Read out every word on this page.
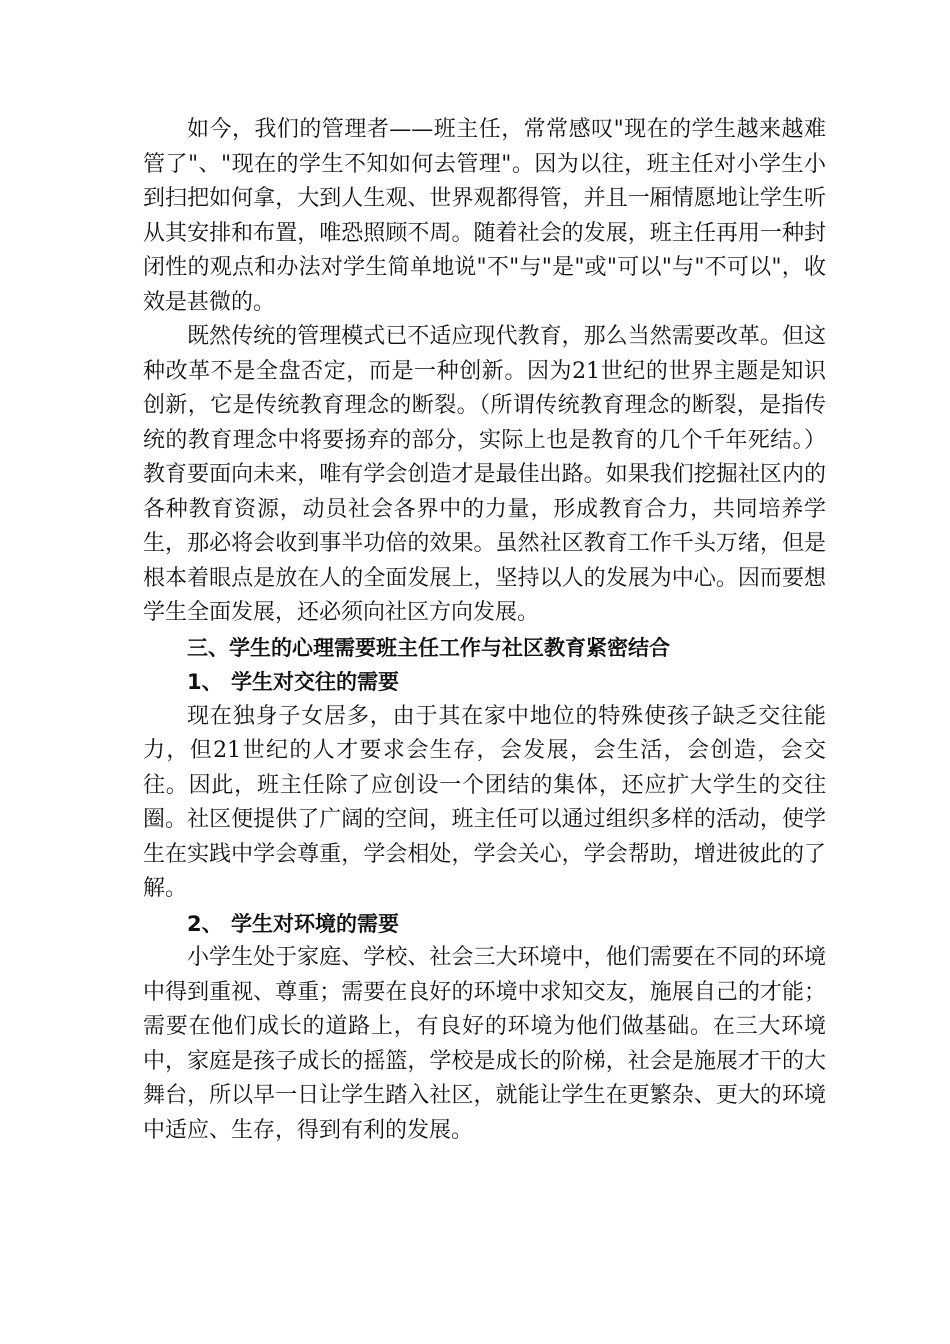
如今，我们的管理者——班主任，常常感叹"现在的学生越来越难管了"、"现在的学生不知如何去管理"。因为以往，班主任对小学生小到扫把如何拿，大到人生观、世界观都得管，并且一厢情愿地让学生听从其安排和布置，唯恐照顾不周。随着社会的发展，班主任再用一种封闭性的观点和办法对学生简单地说"不"与"是"或"可以"与"不可以"，收效是甚微的。

既然传统的管理模式已不适应现代教育，那么当然需要改革。但这种改革不是全盘否定，而是一种创新。因为21世纪的世界主题是知识创新，它是传统教育理念的断裂。（所谓传统教育理念的断裂，是指传统的教育理念中将要扬弃的部分，实际上也是教育的几个千年死结。）教育要面向未来，唯有学会创造才是最佳出路。如果我们挖掘社区内的各种教育资源，动员社会各界中的力量，形成教育合力，共同培养学生，那必将会收到事半功倍的效果。虽然社区教育工作千头万绪，但是根本着眼点是放在人的全面发展上，坚持以人的发展为中心。因而要想学生全面发展，还必须向社区方向发展。

三、学生的心理需要班主任工作与社区教育紧密结合

1、 学生对交往的需要

现在独身子女居多，由于其在家中地位的特殊使孩子缺乏交往能力，但21世纪的人才要求会生存，会发展，会生活，会创造，会交往。因此，班主任除了应创设一个团结的集体，还应扩大学生的交往圈。社区便提供了广阔的空间，班主任可以通过组织多样的活动，使学生在实践中学会尊重，学会相处，学会关心，学会帮助，增进彼此的了解。

2、 学生对环境的需要

小学生处于家庭、学校、社会三大环境中，他们需要在不同的环境中得到重视、尊重；需要在良好的环境中求知交友，施展自己的才能；需要在他们成长的道路上，有良好的环境为他们做基础。在三大环境中，家庭是孩子成长的摇篮，学校是成长的阶梯，社会是施展才干的大舞台，所以早一日让学生踏入社区，就能让学生在更繁杂、更大的环境中适应、生存，得到有利的发展。
